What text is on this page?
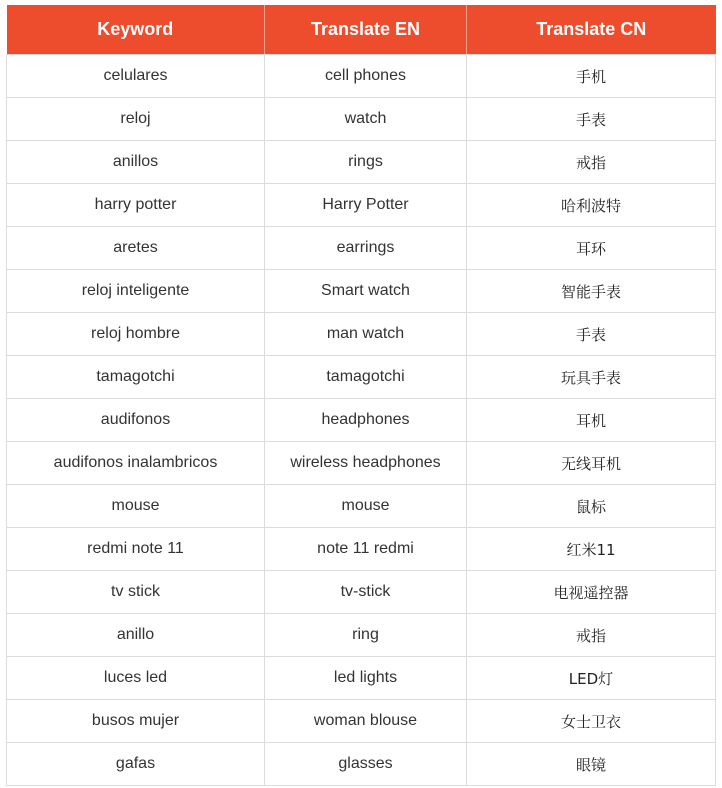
Keyword	Translate EN	Translate CN
celulares	cell phones	手机
reloj	watch	手表
anillos	rings	戒指
harry potter	Harry Potter	哈利波特
aretes	earrings	耳环
reloj inteligente	Smart watch	智能手表
reloj hombre	man watch	手表
tamagotchi	tamagotchi	玩具手表
audifonos	headphones	耳机
audifonos inalambricos	wireless headphones	无线耳机
mouse	mouse	鼠标
redmi note 11	note 11 redmi	红米11
tv stick	tv-stick	电视遥控器
anillo	ring	戒指
luces led	led lights	LED灯
busos mujer	woman blouse	女士卫衣
gafas	glasses	眼镜
